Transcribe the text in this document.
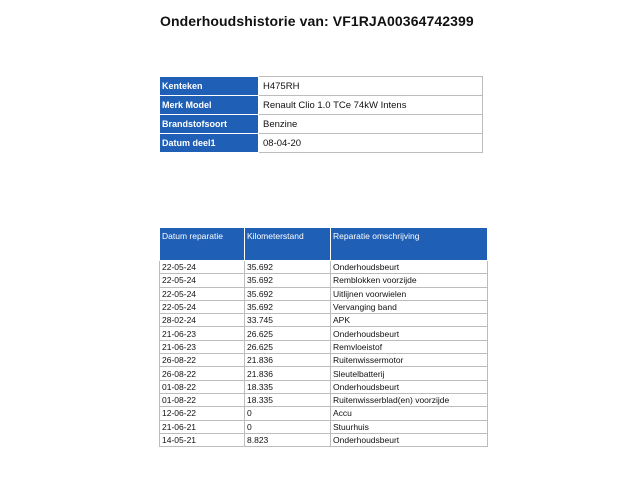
Onderhoudshistorie van: VF1RJA00364742399
Kenteken	H475RH
Merk Model	Renault Clio 1.0 TCe 74kW Intens
Brandstofsoort	Benzine
Datum deel1	08-04-20
Datum reparatie	Kilometerstand	Reparatie omschrijving
22-05-24	35.692	Onderhoudsbeurt
22-05-24	35.692	Remblokken voorzijde
22-05-24	35.692	Uitlijnen voorwielen
22-05-24	35.692	Vervanging band
28-02-24	33.745	APK
21-06-23	26.625	Onderhoudsbeurt
21-06-23	26.625	Remvloeistof
26-08-22	21.836	Ruitenwissermotor
26-08-22	21.836	Sleutelbatterij
01-08-22	18.335	Onderhoudsbeurt
01-08-22	18.335	Ruitenwisserblad(en) voorzijde
12-06-22	0	Accu
21-06-21	0	Stuurhuis
14-05-21	8.823	Onderhoudsbeurt
